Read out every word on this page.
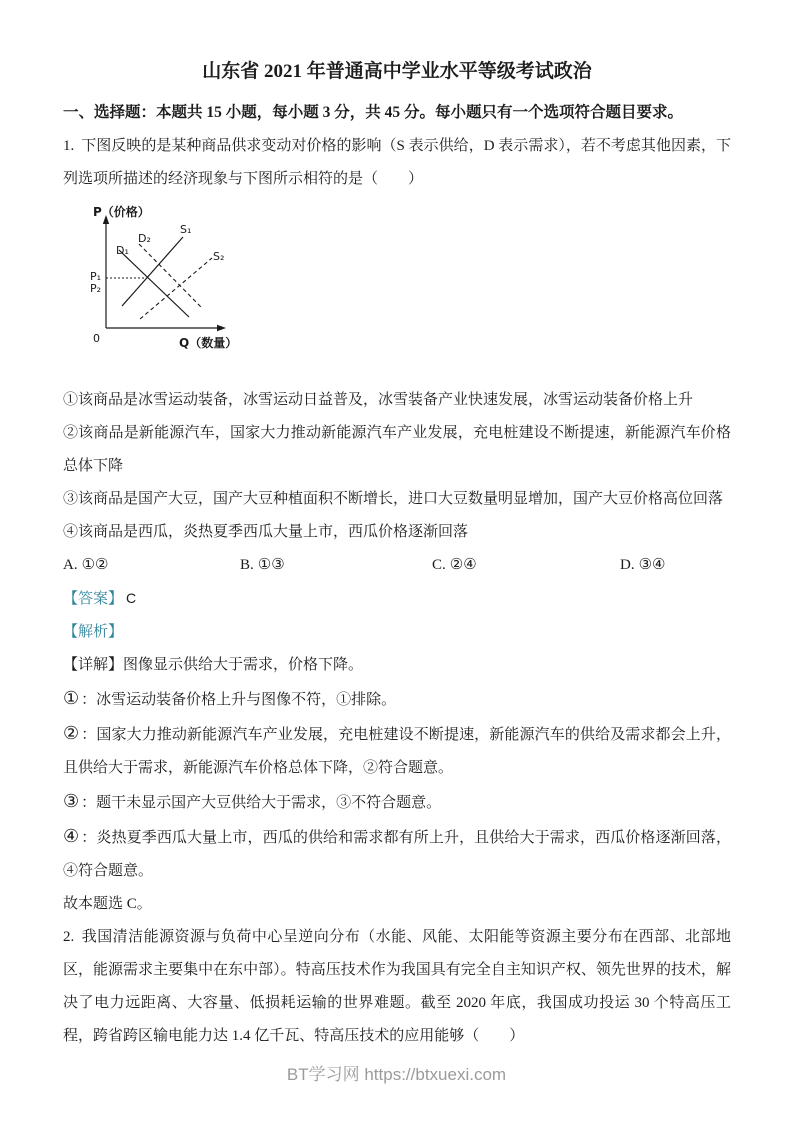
山东省 2021 年普通高中学业水平等级考试政治

一、选择题：本题共 15 小题，每小题 3 分，共 45 分。每小题只有一个选项符合题目要求。

1. 下图反映的是某种商品供求变动对价格的影响（S 表示供给，D 表示需求），若不考虑其他因素，下列选项所描述的经济现象与下图所示相符的是（　　）

P（价格）
Q（数量）
0
D₁
D₂
S₁
S₂
P₁
P₂

①该商品是冰雪运动装备，冰雪运动日益普及，冰雪装备产业快速发展，冰雪运动装备价格上升

②该商品是新能源汽车，国家大力推动新能源汽车产业发展，充电桩建设不断提速，新能源汽车价格总体下降

③该商品是国产大豆，国产大豆种植面积不断增长，进口大豆数量明显增加，国产大豆价格高位回落

④该商品是西瓜，炎热夏季西瓜大量上市，西瓜价格逐渐回落

A. ①②	B. ①③	C. ②④	D. ③④

【答案】 C

【解析】

【详解】图像显示供给大于需求，价格下降。

① ：冰雪运动装备价格上升与图像不符，①排除。

② ：国家大力推动新能源汽车产业发展，充电桩建设不断提速，新能源汽车的供给及需求都会上升，且供给大于需求，新能源汽车价格总体下降，②符合题意。

③ ：题干未显示国产大豆供给大于需求，③不符合题意。

④ ：炎热夏季西瓜大量上市，西瓜的供给和需求都有所上升，且供给大于需求，西瓜价格逐渐回落，④符合题意。

故本题选 C。

2. 我国清洁能源资源与负荷中心呈逆向分布（水能、风能、太阳能等资源主要分布在西部、北部地区，能源需求主要集中在东中部）。特高压技术作为我国具有完全自主知识产权、领先世界的技术，解决了电力远距离、大容量、低损耗运输的世界难题。截至 2020 年底，我国成功投运 30 个特高压工程，跨省跨区输电能力达 1.4 亿千瓦、特高压技术的应用能够（　　）

BT学习网 https://btxuexi.com
